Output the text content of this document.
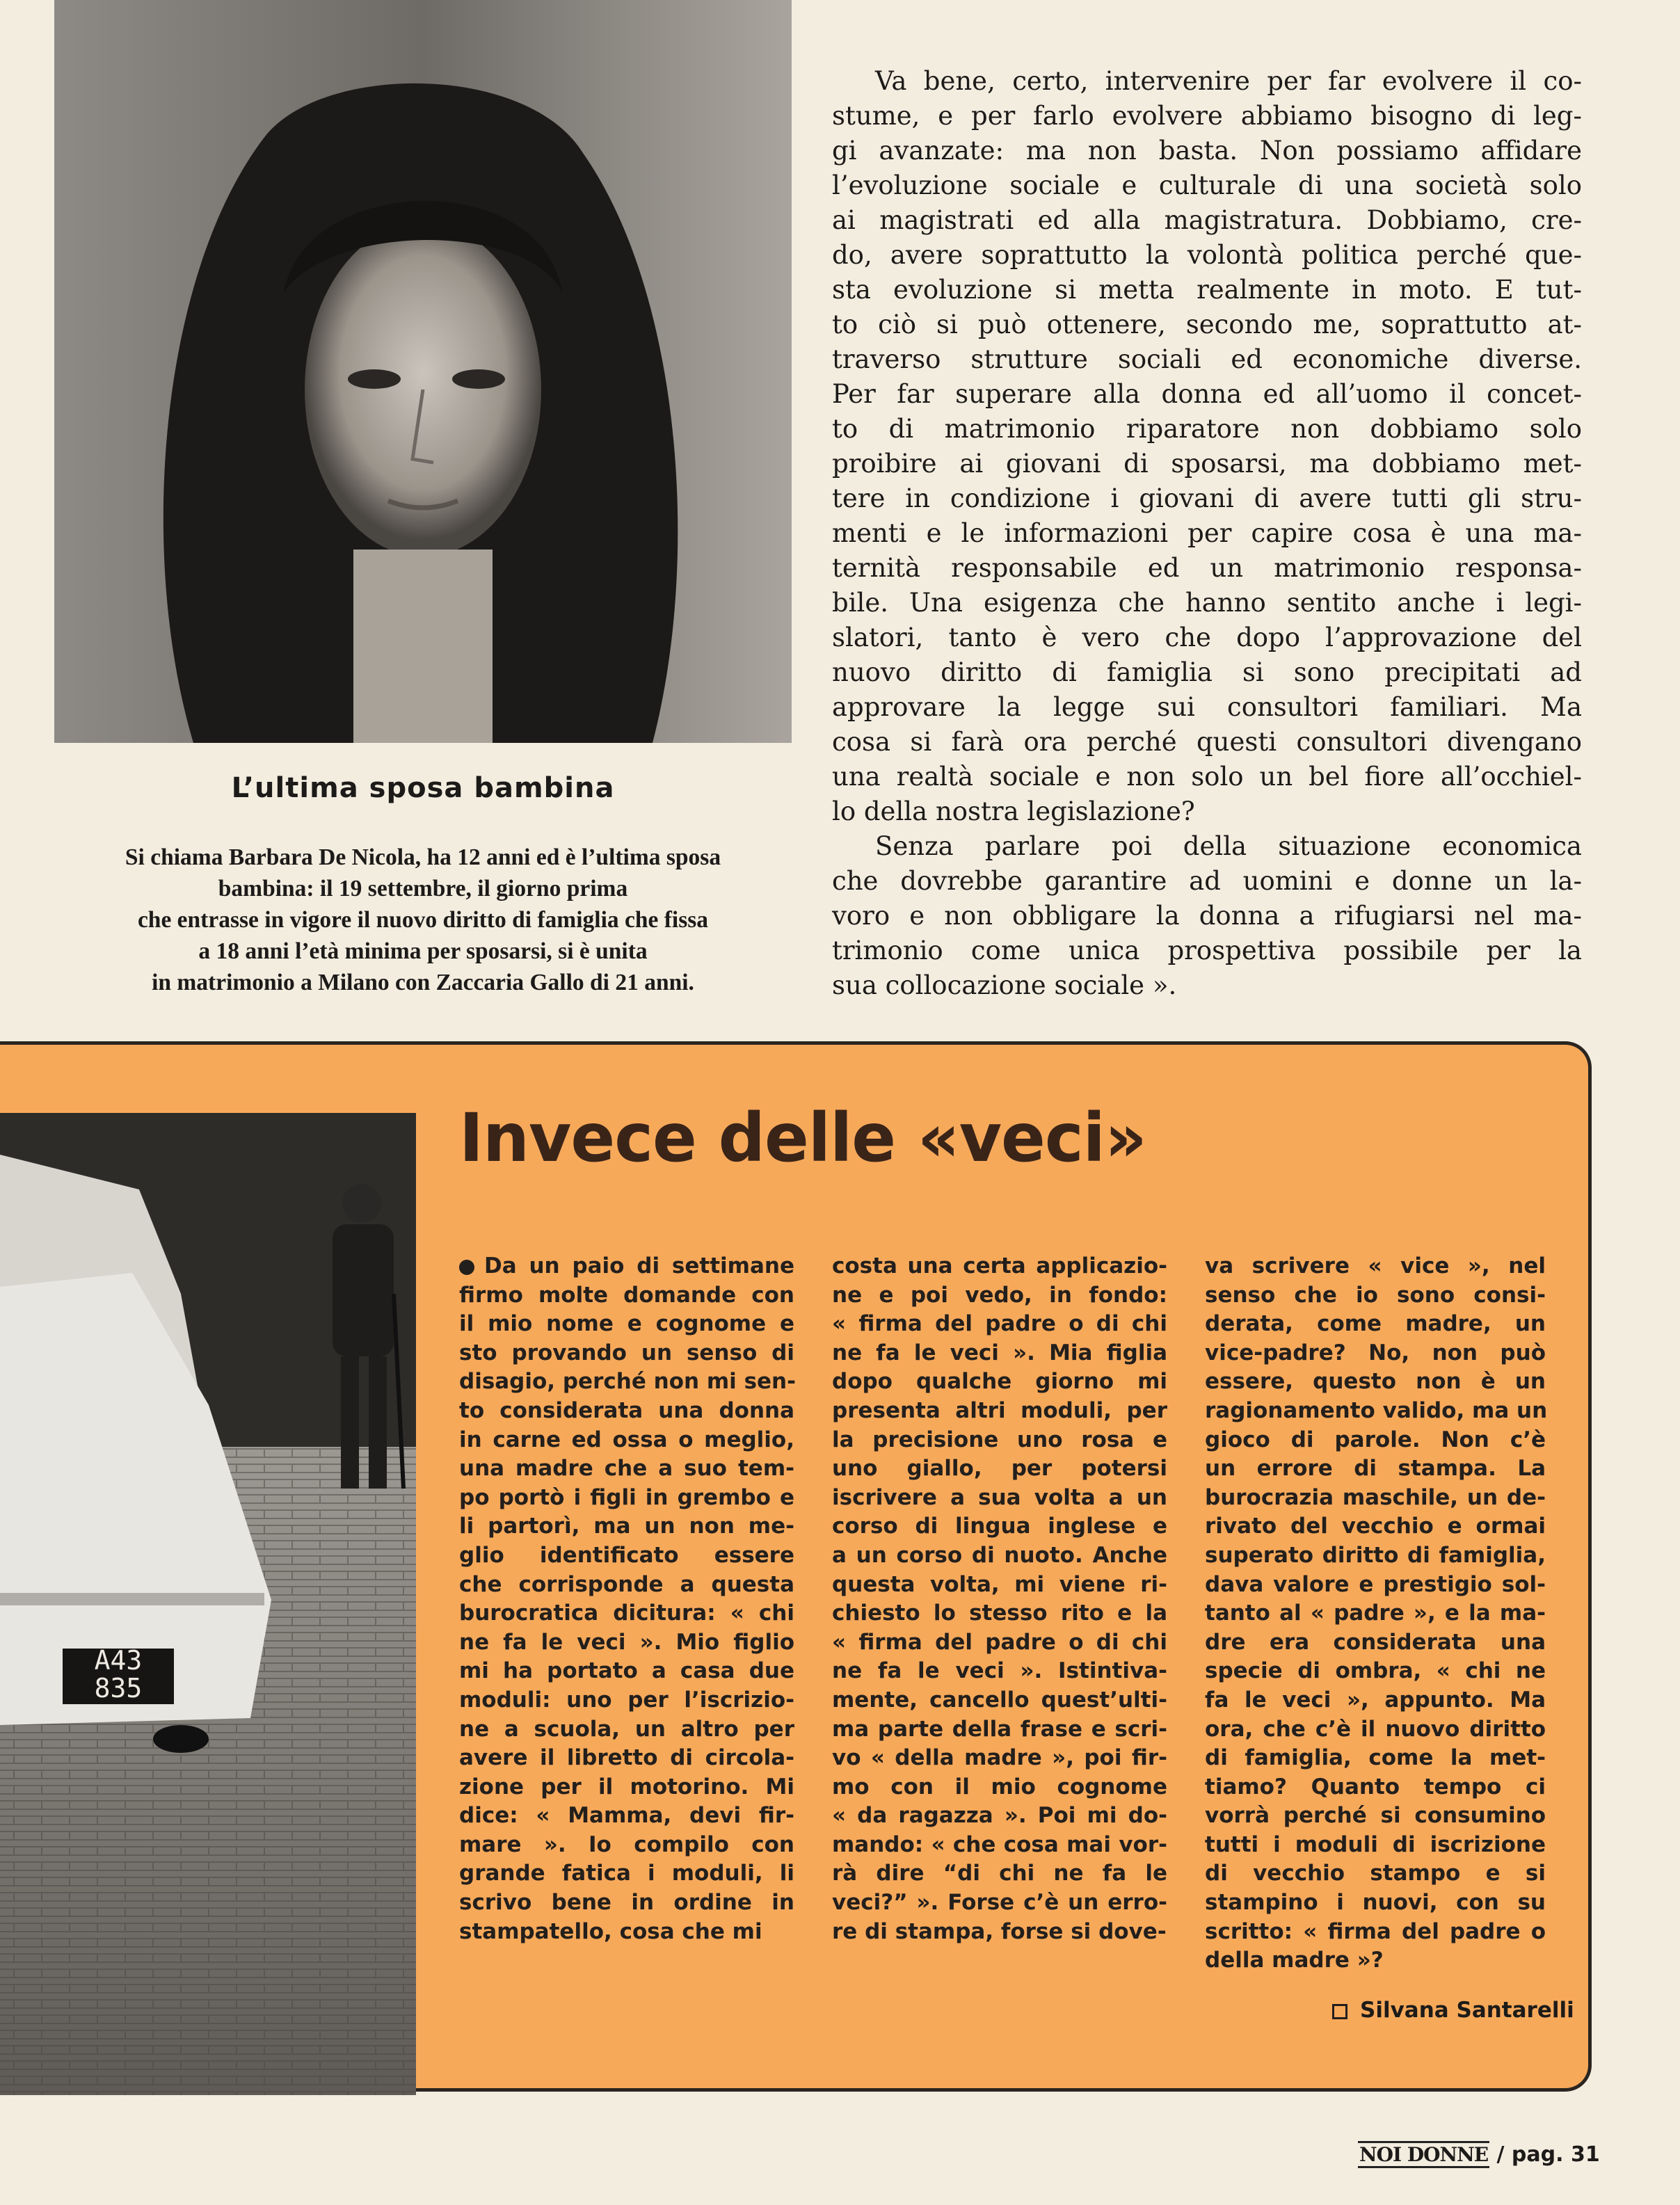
L’ultima sposa bambina
Si chiama Barbara De Nicola, ha 12 anni ed è l’ultima sposa
bambina: il 19 settembre, il giorno prima
che entrasse in vigore il nuovo diritto di famiglia che fissa
a 18 anni l’età minima per sposarsi, si è unita
in matrimonio a Milano con Zaccaria Gallo di 21 anni.
Va bene, certo, intervenire per far evolvere il co-
stume, e per farlo evolvere abbiamo bisogno di leg-
gi avanzate: ma non basta. Non possiamo affidare
l’evoluzione sociale e culturale di una società solo
ai magistrati ed alla magistratura. Dobbiamo, cre-
do, avere soprattutto la volontà politica perché que-
sta evoluzione si metta realmente in moto. E tut-
to ciò si può ottenere, secondo me, soprattutto at-
traverso strutture sociali ed economiche diverse.
Per far superare alla donna ed all’uomo il concet-
to di matrimonio riparatore non dobbiamo solo
proibire ai giovani di sposarsi, ma dobbiamo met-
tere in condizione i giovani di avere tutti gli stru-
menti e le informazioni per capire cosa è una ma-
ternità responsabile ed un matrimonio responsa-
bile. Una esigenza che hanno sentito anche i legi-
slatori, tanto è vero che dopo l’approvazione del
nuovo diritto di famiglia si sono precipitati ad
approvare la legge sui consultori familiari. Ma
cosa si farà ora perché questi consultori divengano
una realtà sociale e non solo un bel fiore all’occhiel-
lo della nostra legislazione?
Senza parlare poi della situazione economica
che dovrebbe garantire ad uomini e donne un la-
voro e non obbligare la donna a rifugiarsi nel ma-
trimonio come unica prospettiva possibile per la
sua collocazione sociale ».
A43
835
Invece delle «veci»
Da un paio di settimane
firmo molte domande con
il mio nome e cognome e
sto provando un senso di
disagio, perché non mi sen-
to considerata una donna
in carne ed ossa o meglio,
una madre che a suo tem-
po portò i figli in grembo e
li partorì, ma un non me-
glio identificato essere
che corrisponde a questa
burocratica dicitura: « chi
ne fa le veci ». Mio figlio
mi ha portato a casa due
moduli: uno per l’iscrizio-
ne a scuola, un altro per
avere il libretto di circola-
zione per il motorino. Mi
dice: « Mamma, devi fir-
mare ». Io compilo con
grande fatica i moduli, li
scrivo bene in ordine in
stampatello, cosa che mi
costa una certa applicazio-
ne e poi vedo, in fondo:
« firma del padre o di chi
ne fa le veci ». Mia figlia
dopo qualche giorno mi
presenta altri moduli, per
la precisione uno rosa e
uno giallo, per potersi
iscrivere a sua volta a un
corso di lingua inglese e
a un corso di nuoto. Anche
questa volta, mi viene ri-
chiesto lo stesso rito e la
« firma del padre o di chi
ne fa le veci ». Istintiva-
mente, cancello quest’ulti-
ma parte della frase e scri-
vo « della madre », poi fir-
mo con il mio cognome
« da ragazza ». Poi mi do-
mando: « che cosa mai vor-
rà dire “di chi ne fa le
veci?” ». Forse c’è un erro-
re di stampa, forse si dove-
va scrivere « vice », nel
senso che io sono consi-
derata, come madre, un
vice-padre? No, non può
essere, questo non è un
ragionamento valido, ma un
gioco di parole. Non c’è
un errore di stampa. La
burocrazia maschile, un de-
rivato del vecchio e ormai
superato diritto di famiglia,
dava valore e prestigio sol-
tanto al « padre », e la ma-
dre era considerata una
specie di ombra, « chi ne
fa le veci », appunto. Ma
ora, che c’è il nuovo diritto
di famiglia, come la met-
tiamo? Quanto tempo ci
vorrà perché si consumino
tutti i moduli di iscrizione
di vecchio stampo e si
stampino i nuovi, con su
scritto: « firma del padre o
della madre »?
Silvana Santarelli
NOI DONNE / pag. 31
